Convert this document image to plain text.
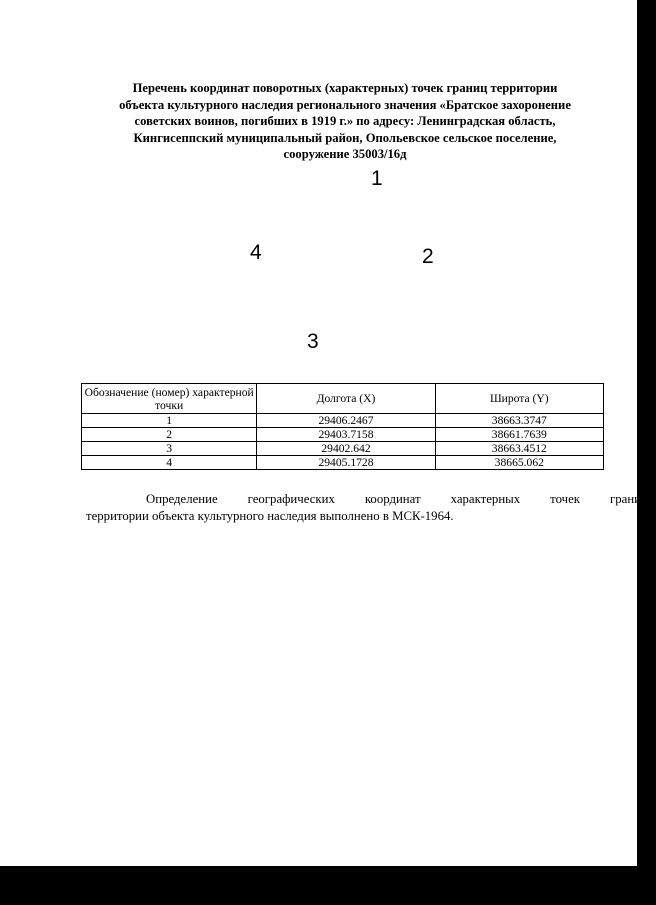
Перечень координат поворотных (характерных) точек границ территории
объекта культурного наследия регионального значения «Братское захоронение
советских воинов, погибших в 1919 г.» по адресу: Ленинградская область,
Кингисеппский муниципальный район, Опольевское сельское поселение,
сооружение 35003/16д
1
2
3
4
Обозначение (номер) характерной точки	Долгота (X)	Широта (Y)
1	29406.2467	38663.3747
2	29403.7158	38661.7639
3	29402.642	38663.4512
4	29405.1728	38665.062
Определение	географических	координат	характерных	точек	границы
территории объекта культурного наследия выполнено в МСК-1964.
